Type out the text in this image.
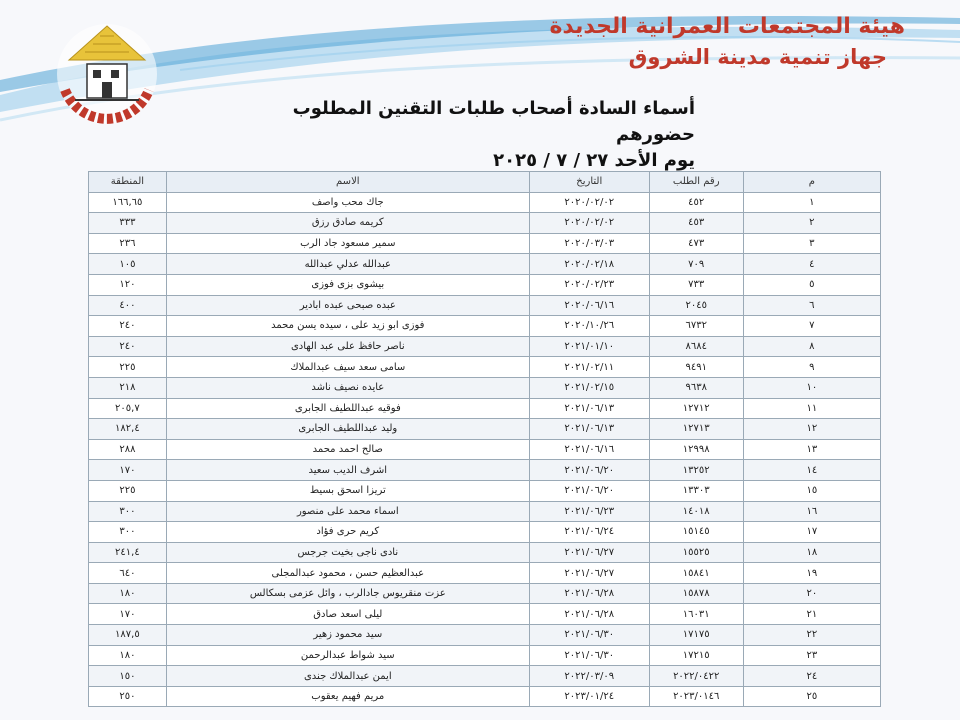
هيئة المجتمعات العمرانية الجديدة
جهاز تنمية مدينة الشروق
أسماء السادة أصحاب طلبات التقنين المطلوب حضورهم
يوم الأحد ٢٧ / ٧ / ٢٠٢٥
المنطقة	الاسم	التاريخ	رقم الطلب	م
١٦٦,٦٥	جاك محب واصف	٢٠٢٠/٠٢/٠٢	٤٥٢	١
٣٣٣	كريمه صادق رزق	٢٠٢٠/٠٢/٠٢	٤٥٣	٢
٢٣٦	سمير مسعود جاد الرب	٢٠٢٠/٠٣/٠٣	٤٧٣	٣
١٠٥	عبدالله عدلي عبدالله	٢٠٢٠/٠٢/١٨	٧٠٩	٤
١٢٠	بيشوى بزى فوزى	٢٠٢٠/٠٢/٢٣	٧٣٣	٥
٤٠٠	عبده صبحى عبده ابادير	٢٠٢٠/٠٦/١٦	٢٠٤٥	٦
٢٤٠	فوزى ابو زيد على ، سيده يسن محمد	٢٠٢٠/١٠/٢٦	٦٧٣٢	٧
٢٤٠	ناصر حافظ على عبد الهادى	٢٠٢١/٠١/١٠	٨٦٨٤	٨
٢٢٥	سامى سعد سيف عبدالملاك	٢٠٢١/٠٢/١١	٩٤٩١	٩
٢١٨	عايده نصيف ناشد	٢٠٢١/٠٢/١٥	٩٦٣٨	١٠
٢٠٥,٧	فوقيه عبداللطيف الجابرى	٢٠٢١/٠٦/١٣	١٢٧١٢	١١
١٨٢,٤	وليد عبداللطيف الجابرى	٢٠٢١/٠٦/١٣	١٢٧١٣	١٢
٢٨٨	صالح احمد محمد	٢٠٢١/٠٦/١٦	١٢٩٩٨	١٣
١٧٠	اشرف الديب سعيد	٢٠٢١/٠٦/٢٠	١٣٢٥٢	١٤
٢٢٥	تريزا اسحق بسيط	٢٠٢١/٠٦/٢٠	١٣٣٠٣	١٥
٣٠٠	اسماء محمد على منصور	٢٠٢١/٠٦/٢٣	١٤٠١٨	١٦
٣٠٠	كريم حرى فؤاد	٢٠٢١/٠٦/٢٤	١٥١٤٥	١٧
٢٤١,٤	نادى ناجى بخيت جرجس	٢٠٢١/٠٦/٢٧	١٥٥٢٥	١٨
٦٤٠	عبدالعظيم حسن ، محمود عبدالمجلى	٢٠٢١/٠٦/٢٧	١٥٨٤١	١٩
١٨٠	عزت منقريوس جادالرب ، وائل عزمى بسكالس	٢٠٢١/٠٦/٢٨	١٥٨٧٨	٢٠
١٧٠	ليلى اسعد صادق	٢٠٢١/٠٦/٢٨	١٦٠٣١	٢١
١٨٧,٥	سيد محمود زهير	٢٠٢١/٠٦/٣٠	١٧١٧٥	٢٢
١٨٠	سيد شواط عبدالرحمن	٢٠٢١/٠٦/٣٠	١٧٢١٥	٢٣
١٥٠	ايمن عبدالملاك جندى	٢٠٢٢/٠٣/٠٩	٢٠٢٢/٠٤٢٢	٢٤
٢٥٠	مريم فهيم يعقوب	٢٠٢٣/٠١/٢٤	٢٠٢٣/٠١٤٦	٢٥
